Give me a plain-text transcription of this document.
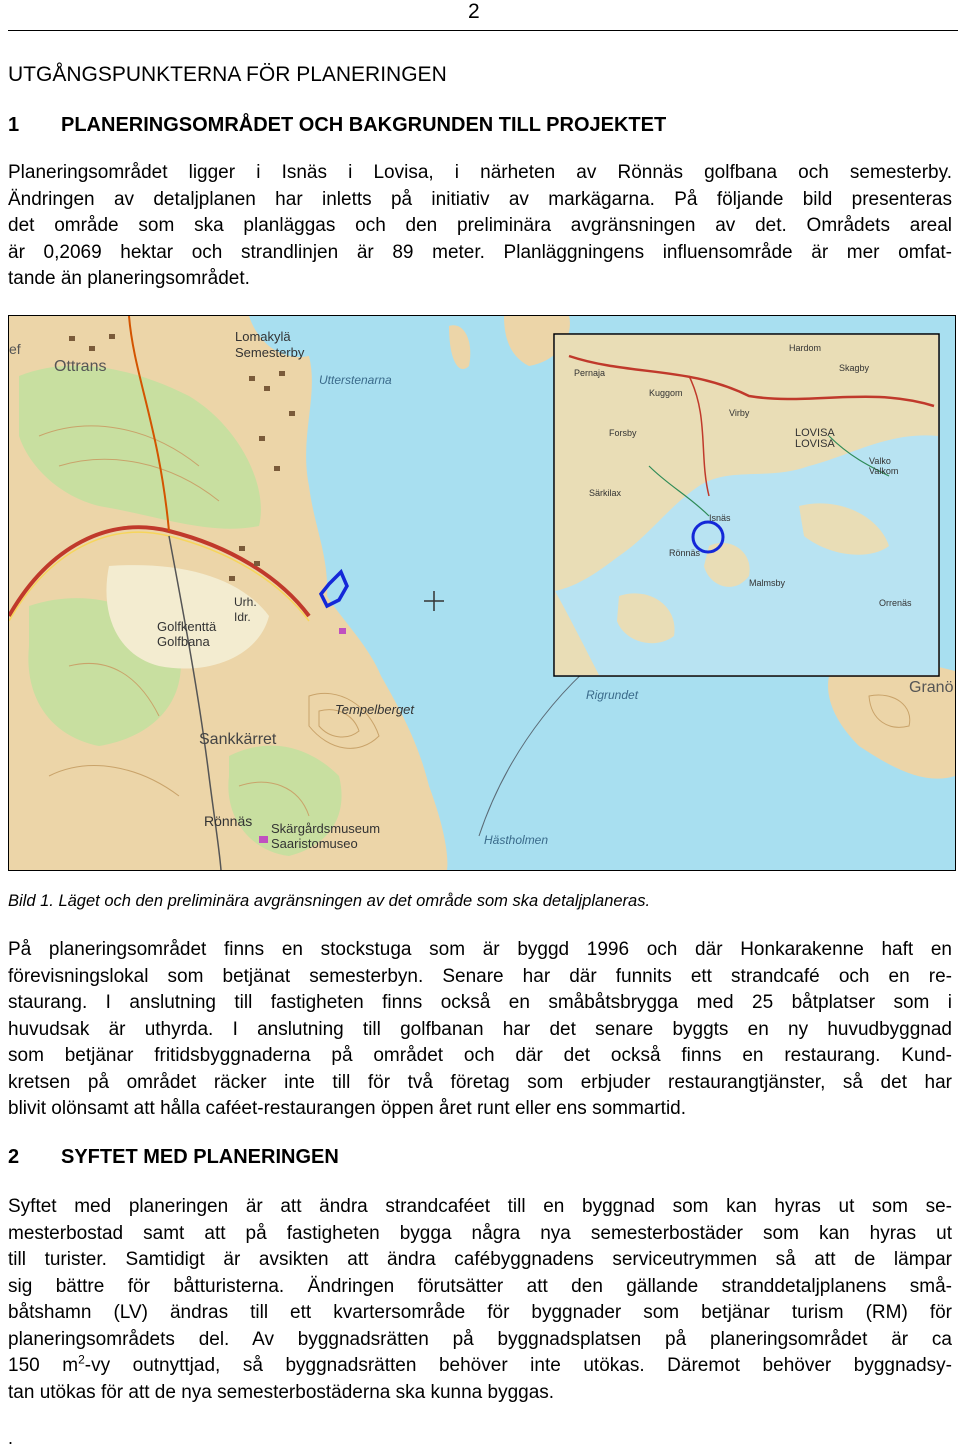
2
UTGÅNGSPUNKTERNA FÖR PLANERINGEN
1 PLANERINGSOMRÅDET OCH BAKGRUNDEN TILL PROJEKTET
Planeringsområdet ligger i Isnäs i Lovisa, i närheten av Rönnäs golfbana och semesterby.
Ändringen av detaljplanen har inletts på initiativ av markägarna. På följande bild presenteras
det område som ska planläggas och den preliminära avgränsningen av det. Områdets areal
är 0,2069 hektar och strandlinjen är 89 meter. Planläggningens influensområde är mer omfat-
tande än planeringsområdet.
Lomakylä
Semesterby
Ottrans
ef
Utterstenarna
Urh.
Idr.
Golfkenttä
Golfbana
Tempelberget
Sankkärret
Rönnäs Skärgårdsmuseum
Saaristomuseo	Hästholmen
Rigrundet	Granö
LOVISA
LOVISA
Valko
Valkom
Malmsby
Hardom
Skagby
Isnäs
Pernaja
Orrenäs
Rönnäs
Forsby
Särkilax
Kuggom
Virby
Bild 1. Läget och den preliminära avgränsningen av det område som ska detaljplaneras.
På planeringsområdet finns en stockstuga som är byggd 1996 och där Honkarakenne haft en
förevisningslokal som betjänat semesterbyn. Senare har där funnits ett strandcafé och en re-
staurang. I anslutning till fastigheten finns också en småbåtsbrygga med 25 båtplatser som i
huvudsak är uthyrda. I anslutning till golfbanan har det senare byggts en ny huvudbyggnad
som betjänar fritidsbyggnaderna på området och där det också finns en restaurang. Kund-
kretsen på området räcker inte till för två företag som erbjuder restaurangtjänster, så det har
blivit olönsamt att hålla caféet-restaurangen öppen året runt eller ens sommartid.
2 SYFTET MED PLANERINGEN
Syftet med planeringen är att ändra strandcaféet till en byggnad som kan hyras ut som se-
mesterbostad samt att på fastigheten bygga några nya semesterbostäder som kan hyras ut
till turister. Samtidigt är avsikten att ändra cafébyggnadens serviceutrymmen så att de lämpar
sig bättre för båtturisterna. Ändringen förutsätter att den gällande stranddetaljplanens små-
båtshamn (LV) ändras till ett kvartersområde för byggnader som betjänar turism (RM) för
planeringsområdets del. Av byggnadsrätten på byggnadsplatsen på planeringsområdet är ca
150 $m^2-vy$ outnyttjad, så byggnadsrätten behöver inte utökas. Däremot behöver byggnadsy-
tan utökas för att de nya semesterbostäderna ska kunna byggas.
.
